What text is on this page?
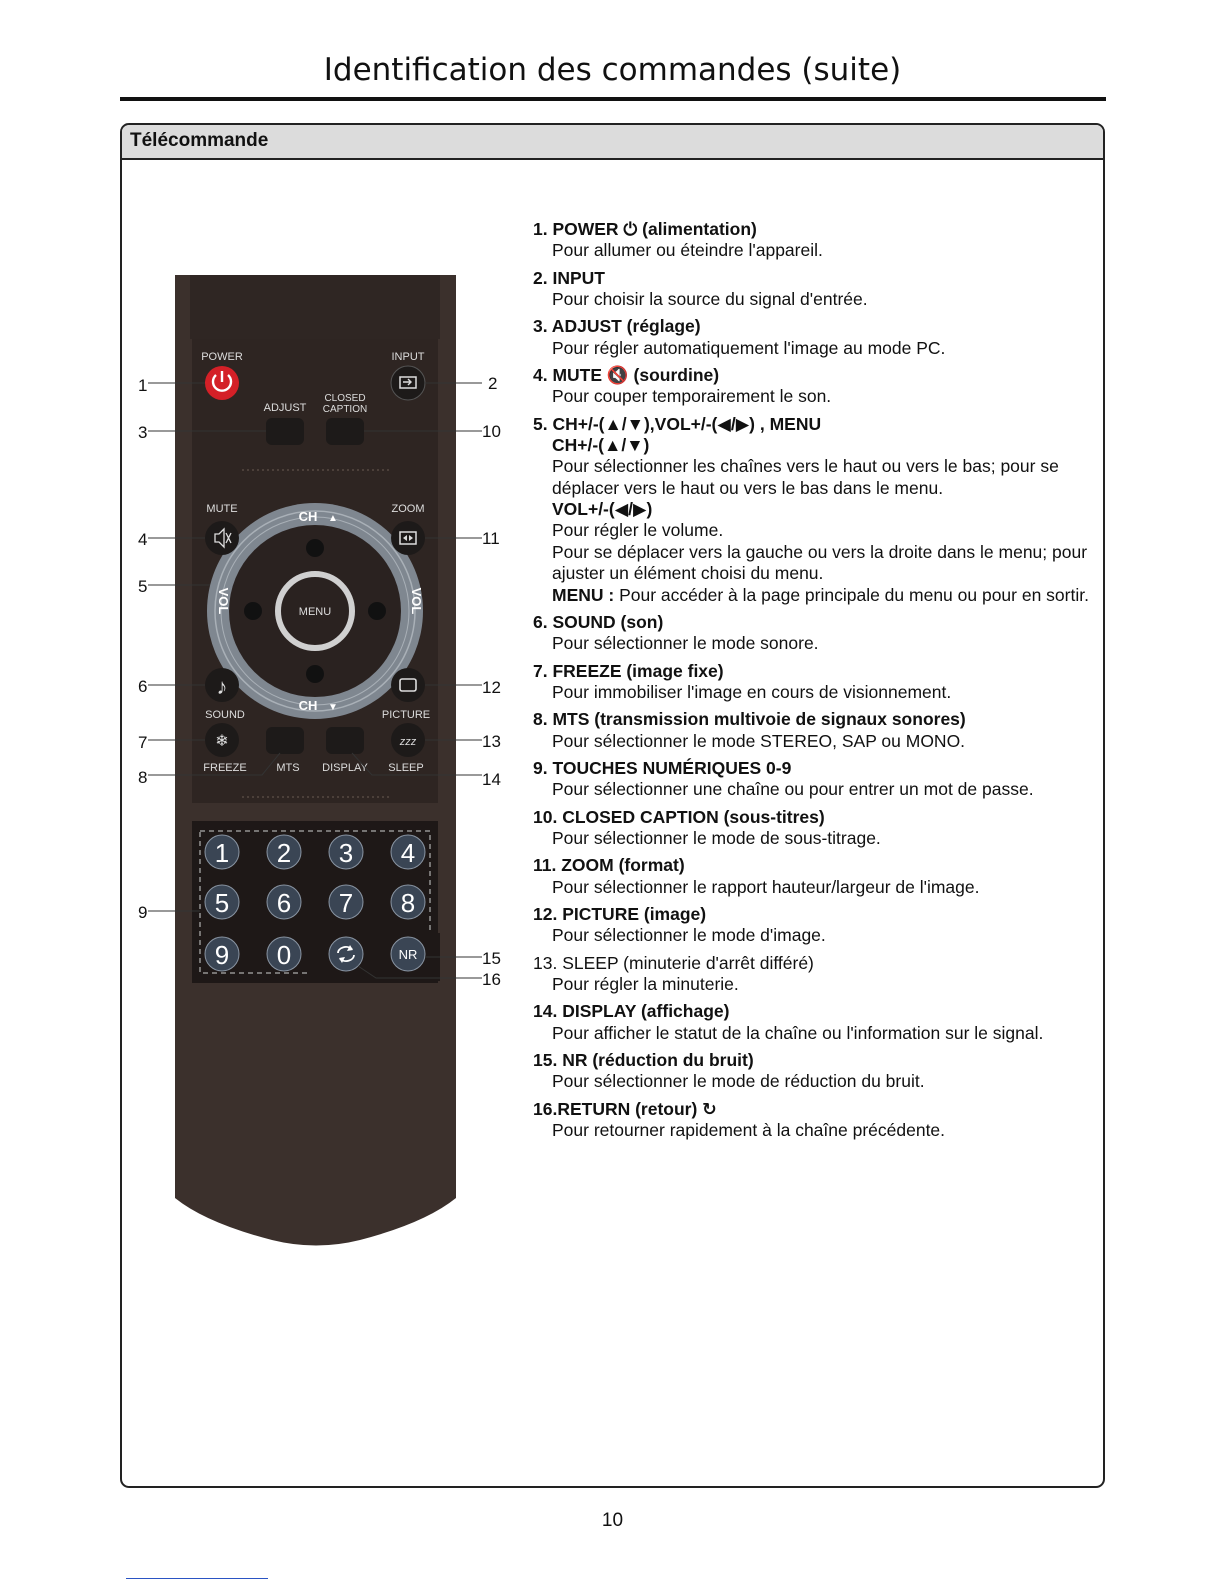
Identification des commandes (suite)
Télécommande
POWER	INPUT
ADJUST
CLOSED
CAPTION
MENU
CH ▲
CH ▼
VOL	VOL
MUTE	ZOOM
♪
SOUND	PICTURE
❄	zzz
FREEZE	MTS DISPLAY SLEEP
1 2 3 4
5 6 7 8
9 0	NR
1	2
3	10
4	11
5
6	12
7	13
8	14
9
15
16
1. POWER ⏻ (alimentation)
Pour allumer ou éteindre l'appareil.
2. INPUT
Pour choisir la source du signal d'entrée.
3. ADJUST (réglage)
Pour régler automatiquement l'image au mode PC.
4. MUTE 🔇 (sourdine)
Pour couper temporairement le son.
5. CH+/-(▲/▼),VOL+/-(◀/▶) , MENU
CH+/-(▲/▼)
Pour sélectionner les chaînes vers le haut ou vers le bas; pour se déplacer vers le haut ou vers le bas dans le menu.
VOL+/-(◀/▶)
Pour régler le volume.
Pour se déplacer vers la gauche ou vers la droite dans le menu; pour ajuster un élément choisi du menu.
MENU : Pour accéder à la page principale du menu ou pour en sortir.
6. SOUND (son)
Pour sélectionner le mode sonore.
7. FREEZE (image fixe)
Pour immobiliser l'image en cours de visionnement.
8. MTS (transmission multivoie de signaux sonores)
Pour sélectionner le mode STEREO, SAP ou MONO.
9. TOUCHES NUMÉRIQUES 0-9
Pour sélectionner une chaîne ou pour entrer un mot de passe.
10. CLOSED CAPTION (sous-titres)
Pour sélectionner le mode de sous-titrage.
11. ZOOM (format)
Pour sélectionner le rapport hauteur/largeur de l'image.
12. PICTURE (image)
Pour sélectionner le mode d'image.
13. SLEEP (minuterie d'arrêt différé)
Pour régler la minuterie.
14. DISPLAY (affichage)
Pour afficher le statut de la chaîne ou l'information sur le signal.
15. NR (réduction du bruit)
Pour sélectionner le mode de réduction du bruit.
16.RETURN (retour) ↻
Pour retourner rapidement à la chaîne précédente.
10
